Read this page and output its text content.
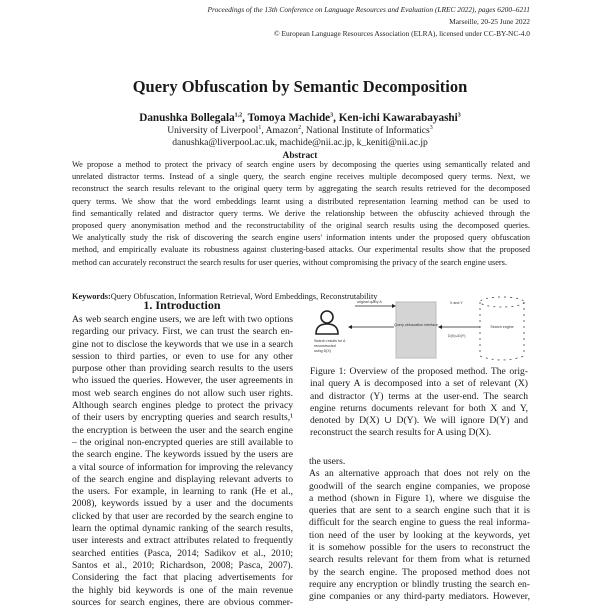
Proceedings of the 13th Conference on Language Resources and Evaluation (LREC 2022), pages 6200–6211
Marseille, 20-25 June 2022
© European Language Resources Association (ELRA), licensed under CC-BY-NC-4.0
Query Obfuscation by Semantic Decomposition
Danushka Bollegala$^{1,2}$, Tomoya Machide$^3$, Ken-ichi Kawarabayashi$^3$
University of Liverpool$^1$, Amazon$^2$, National Institute of Informatics$^3$
danushka@liverpool.ac.uk, machide@nii.ac.jp, k_keniti@nii.ac.jp
Abstract
We propose a method to protect the privacy of search engine users by decomposing the queries using semantically related and
unrelated distractor terms. Instead of a single query, the search engine receives multiple decomposed query terms. Next, we
reconstruct the search results relevant to the original query term by aggregating the search results retrieved for the decomposed
query terms. We show that the word embeddings learnt using a distributed representation learning method can be used to
find semantically related and distractor query terms. We derive the relationship between the obfuscity achieved through the
proposed query anonymisation method and the reconstructability of the original search results using the decomposed queries.
We analytically study the risk of discovering the search engine users' information intents under the proposed query obfuscation
method, and empirically evaluate its robustness against clustering-based attacks. Our experimental results show that the proposed
method can accurately reconstruct the search results for user queries, without compromising the privacy of the search engine users.
Keywords:Query Obfuscation, Information Retrieval, Word Embeddings, Reconstrutability
1. Introduction
As web search engine users, we are left with two options
regarding our privacy. First, we can trust the search en-
gine not to disclose the keywords that we use in a search
session to third parties, or even to use for any other
purpose other than providing search results to the users
who issued the queries. However, the user agreements in
most web search engines do not allow such user rights.
Although search engines pledge to protect the privacy
of their users by encrypting queries and search results,¹
the encryption is between the user and the search engine
– the original non-encrypted queries are still available to
the search engine. The keywords issued by the users are
a vital source of information for improving the relevancy
of the search engine and displaying relevant adverts to
the users. For example, in learning to rank (He et al.,
2008), keywords issued by a user and the documents
clicked by that user are recorded by the search engine to
learn the optimal dynamic ranking of the search results,
user interests and extract attributes related to frequently
searched entities (Pasca, 2014; Sadikov et al., 2010;
Santos et al., 2010; Richardson, 2008; Pasca, 2007).
Considering the fact that placing advertisements for
the highly bid keywords is one of the main revenue
sources for search engines, there are obvious commer-
original query A
Query obfuscation interface
X and Y
Search engine
D(X)∪D(Y)
Search results for A
reconstructed
using D(X)
Figure 1: Overview of the proposed method. The orig-
inal query A is decomposed into a set of relevant (X)
and distractor (Y) terms at the user-end. The search
engine returns documents relevant for both X and Y,
denoted by D(X) ∪ D(Y). We will ignore D(Y) and
reconstruct the search results for A using D(X).
the users.
As an alternative approach that does not rely on the
goodwill of the search engine companies, we propose
a method (shown in Figure 1), where we disguise the
queries that are sent to a search engine such that it is
difficult for the search engine to guess the real informa-
tion need of the user by looking at the keywords, yet
it is somehow possible for the users to reconstruct the
search results relevant for them from what is returned
by the search engine. The proposed method does not
require any encryption or blindly trusting the search en-
gine companies or any third-party mediators. However,
